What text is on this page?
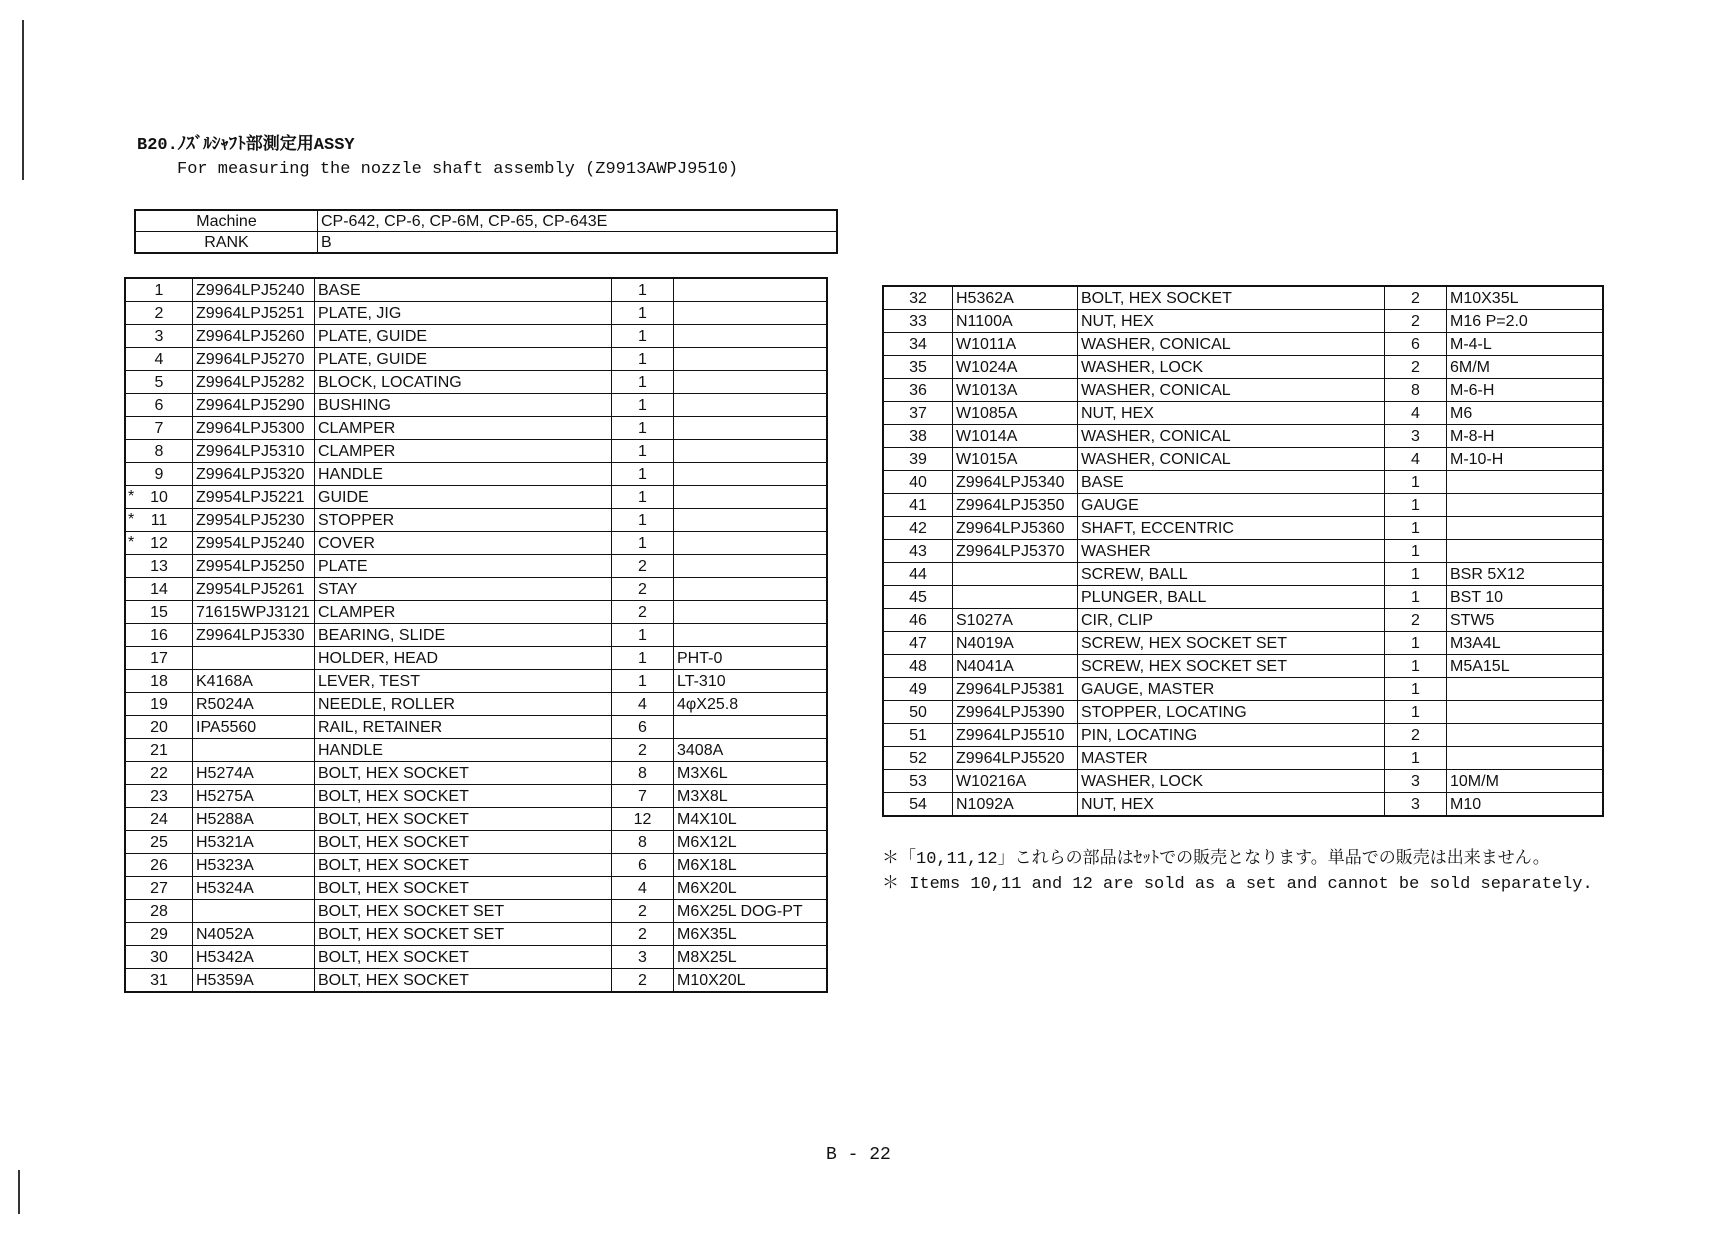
B20.ﾉｽﾞﾙｼｬﾌﾄ部測定用ASSY
For measuring the nozzle shaft assembly (Z9913AWPJ9510)
Machine	CP-642, CP-6, CP-6M, CP-65, CP-643E
RANK	B
1	Z9964LPJ5240	BASE	1	

2	Z9964LPJ5251	PLATE, JIG	1	

3	Z9964LPJ5260	PLATE, GUIDE	1	

4	Z9964LPJ5270	PLATE, GUIDE	1	

5	Z9964LPJ5282	BLOCK, LOCATING	1	

6	Z9964LPJ5290	BUSHING	1	

7	Z9964LPJ5300	CLAMPER	1	

8	Z9964LPJ5310	CLAMPER	1	

9	Z9964LPJ5320	HANDLE	1	

* 10	Z9954LPJ5221	GUIDE	1	

* 11	Z9954LPJ5230	STOPPER	1	

* 12	Z9954LPJ5240	COVER	1	

13	Z9954LPJ5250	PLATE	2	

14	Z9954LPJ5261	STAY	2	

15	71615WPJ3121	CLAMPER	2	

16	Z9964LPJ5330	BEARING, SLIDE	1	

17		HOLDER, HEAD	1	PHT-0

18	K4168A	LEVER, TEST	1	LT-310

19	R5024A	NEEDLE, ROLLER	4	4φX25.8

20	IPA5560	RAIL, RETAINER	6	

21		HANDLE	2	3408A

22	H5274A	BOLT, HEX SOCKET	8	M3X6L

23	H5275A	BOLT, HEX SOCKET	7	M3X8L

24	H5288A	BOLT, HEX SOCKET	12	M4X10L

25	H5321A	BOLT, HEX SOCKET	8	M6X12L

26	H5323A	BOLT, HEX SOCKET	6	M6X18L

27	H5324A	BOLT, HEX SOCKET	4	M6X20L

28		BOLT, HEX SOCKET SET	2	M6X25L DOG-PT

29	N4052A	BOLT, HEX SOCKET SET	2	M6X35L

30	H5342A	BOLT, HEX SOCKET	3	M8X25L

31	H5359A	BOLT, HEX SOCKET	2	M10X20L
32	H5362A	BOLT, HEX SOCKET	2	M10X35L
33	N1100A	NUT, HEX	2	M16 P=2.0
34	W1011A	WASHER, CONICAL	6	M-4-L
35	W1024A	WASHER, LOCK	2	6M/M
36	W1013A	WASHER, CONICAL	8	M-6-H
37	W1085A	NUT, HEX	4	M6
38	W1014A	WASHER, CONICAL	3	M-8-H
39	W1015A	WASHER, CONICAL	4	M-10-H
40	Z9964LPJ5340	BASE	1	
41	Z9964LPJ5350	GAUGE	1	
42	Z9964LPJ5360	SHAFT, ECCENTRIC	1	
43	Z9964LPJ5370	WASHER	1	
44		SCREW, BALL	1	BSR 5X12
45		PLUNGER, BALL	1	BST 10
46	S1027A	CIR, CLIP	2	STW5
47	N4019A	SCREW, HEX SOCKET SET	1	M3A4L
48	N4041A	SCREW, HEX SOCKET SET	1	M5A15L
49	Z9964LPJ5381	GAUGE, MASTER	1	
50	Z9964LPJ5390	STOPPER, LOCATING	1	
51	Z9964LPJ5510	PIN, LOCATING	2	
52	Z9964LPJ5520	MASTER	1	
53	W10216A	WASHER, LOCK	3	10M/M
54	N1092A	NUT, HEX	3	M10
＊「10,11,12」これらの部品はｾｯﾄでの販売となります。単品での販売は出来ません。
＊ Items 10,11 and 12 are sold as a set and cannot be sold separately.
B - 22
